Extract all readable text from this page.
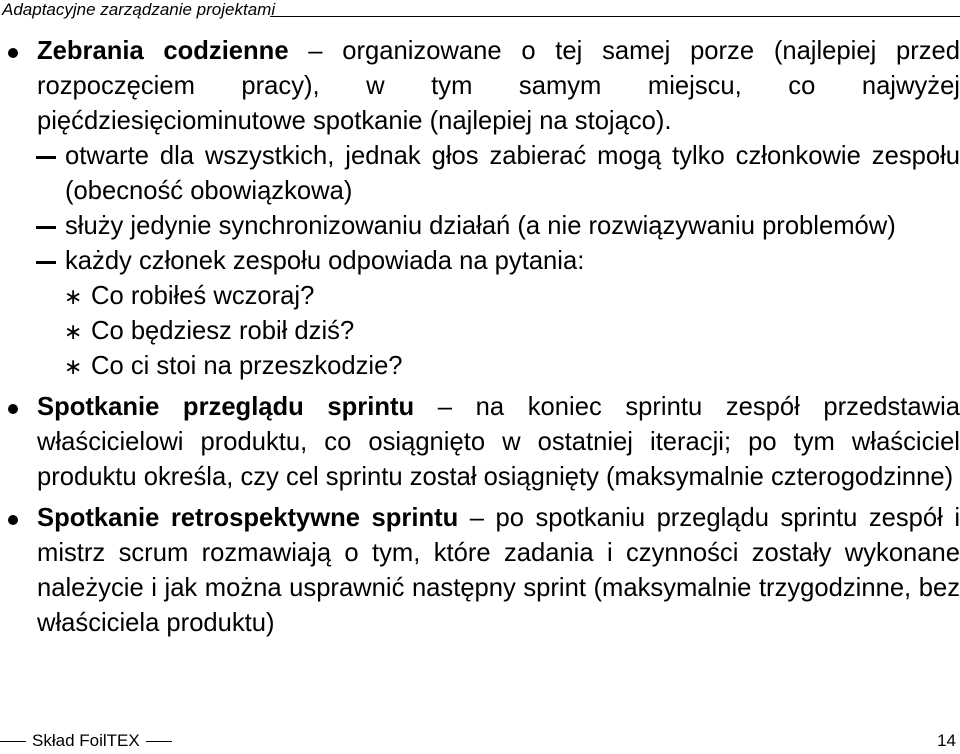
Adaptacyjne zarządzanie projektami
Zebrania codzienne – organizowane o tej samej porze (najlepiej przed rozpoczęciem pracy), w tym samym miejscu, co najwyżej pięćdziesięciominutowe spotkanie (najlepiej na stojąco).
otwarte dla wszystkich, jednak głos zabierać mogą tylko członkowie zespołu (obecność obowiązkowa)
służy jedynie synchronizowaniu działań (a nie rozwiązywaniu problemów)
każdy członek zespołu odpowiada na pytania:
∗ Co robiłeś wczoraj?
∗ Co będziesz robił dziś?
∗ Co ci stoi na przeszkodzie?
Spotkanie przeglądu sprintu – na koniec sprintu zespół przedstawia właścicielowi produktu, co osiągnięto w ostatniej iteracji; po tym właściciel produktu określa, czy cel sprintu został osiągnięty (maksymalnie czterogodzinne)
Spotkanie retrospektywne sprintu – po spotkaniu przeglądu sprintu zespół i mistrz scrum rozmawiają o tym, które zadania i czynności zostały wykonane należycie i jak można usprawnić następny sprint (maksymalnie trzygodzinne, bez właściciela produktu)
Skład FoilTEX	14
